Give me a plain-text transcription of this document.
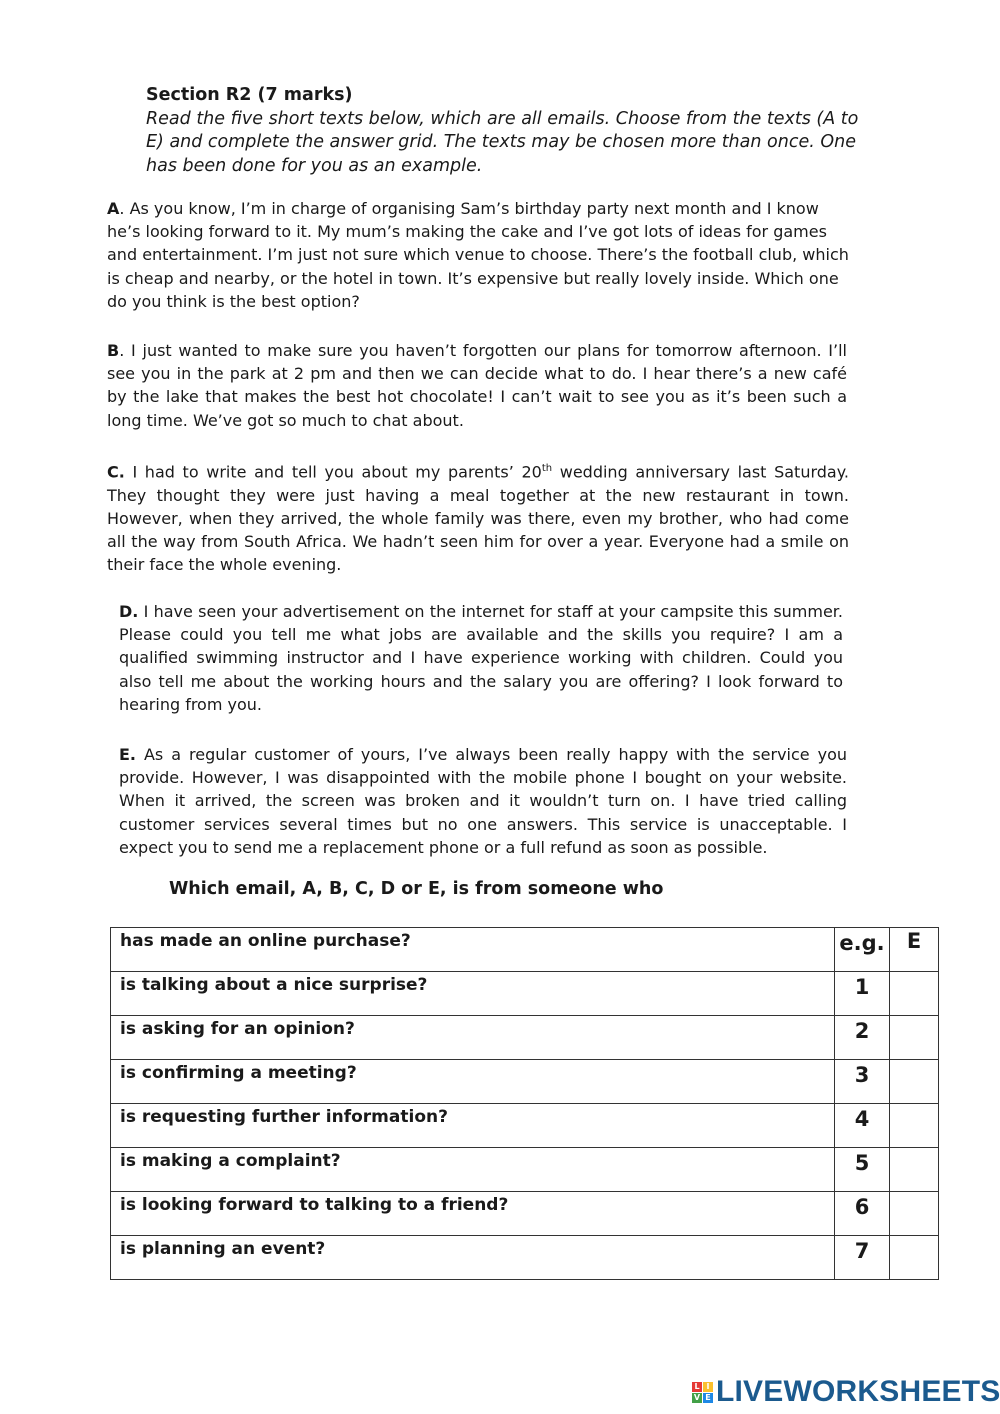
Section R2 (7 marks)
Read the five short texts below, which are all emails. Choose from the texts (A to E) and complete the answer grid. The texts may be chosen more than once. One has been done for you as an example.

A. As you know, I’m in charge of organising Sam’s birthday party next month and I know he’s looking forward to it. My mum’s making the cake and I’ve got lots of ideas for games and entertainment. I’m just not sure which venue to choose. There’s the football club, which is cheap and nearby, or the hotel in town. It’s expensive but really lovely inside. Which one do you think is the best option?

B. I just wanted to make sure you haven’t forgotten our plans for tomorrow afternoon. I’ll see you in the park at 2 pm and then we can decide what to do. I hear there’s a new café by the lake that makes the best hot chocolate! I can’t wait to see you as it’s been such a long time. We’ve got so much to chat about.

C. I had to write and tell you about my parents’ 20th wedding anniversary last Saturday. They thought they were just having a meal together at the new restaurant in town. However, when they arrived, the whole family was there, even my brother, who had come all the way from South Africa. We hadn’t seen him for over a year. Everyone had a smile on their face the whole evening.

D. I have seen your advertisement on the internet for staff at your campsite this summer. Please could you tell me what jobs are available and the skills you require? I am a qualified swimming instructor and I have experience working with children. Could you also tell me about the working hours and the salary you are offering? I look forward to hearing from you.

E. As a regular customer of yours, I’ve always been really happy with the service you provide. However, I was disappointed with the mobile phone I bought on your website. When it arrived, the screen was broken and it wouldn’t turn on. I have tried calling customer services several times but no one answers. This service is unacceptable. I expect you to send me a replacement phone or a full refund as soon as possible.

Which email, A, B, C, D or E, is from someone who
has made an online purchase?	e.g.	E
is talking about a nice surprise?	1	
is asking for an opinion?	2	
is confirming a meeting?	3	
is requesting further information?	4	
is making a complaint?	5	
is looking forward to talking to a friend?	6	
is planning an event?	7	
L I
V E LIVEWORKSHEETS
